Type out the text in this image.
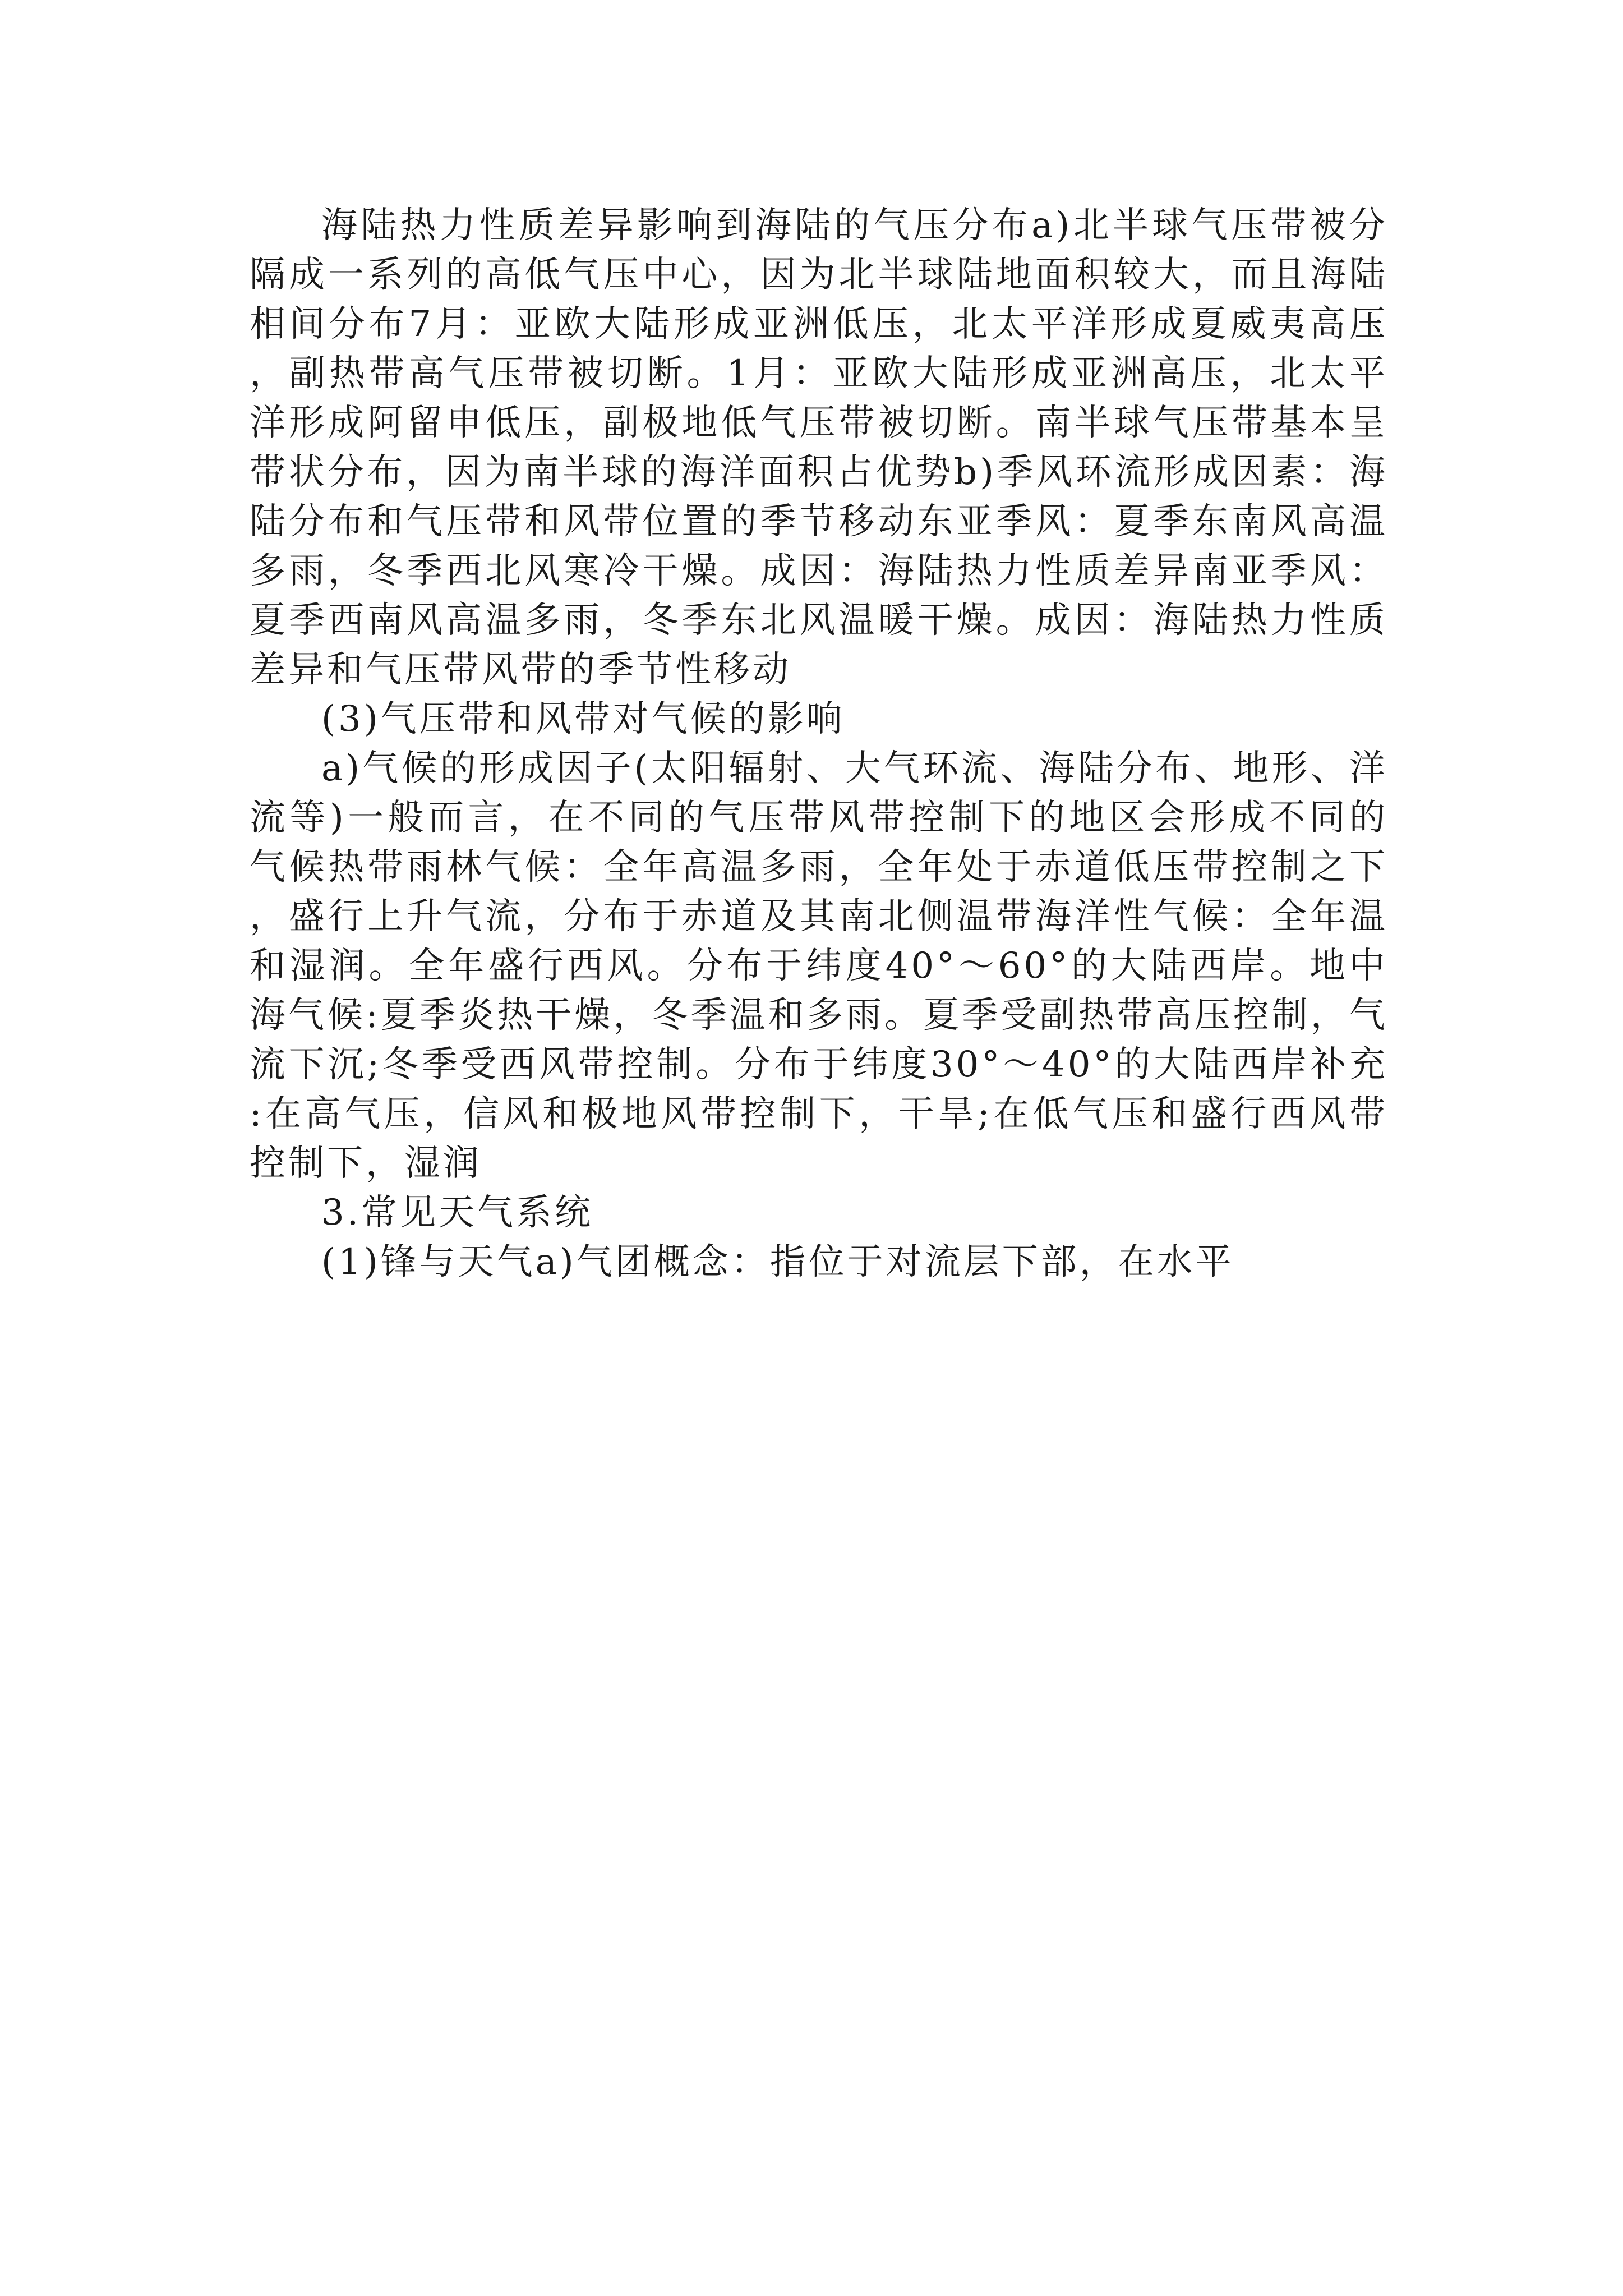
海陆热力性质差异影响到海陆的气压分布a)北半球气压带被分隔成一系列的高低气压中心，因为北半球陆地面积较大，而且海陆相间分布7月：亚欧大陆形成亚洲低压，北太平洋形成夏威夷高压，副热带高气压带被切断。1月：亚欧大陆形成亚洲高压，北太平洋形成阿留申低压，副极地低气压带被切断。南半球气压带基本呈带状分布，因为南半球的海洋面积占优势b)季风环流形成因素：海陆分布和气压带和风带位置的季节移动东亚季风：夏季东南风高温多雨，冬季西北风寒冷干燥。成因：海陆热力性质差异南亚季风：夏季西南风高温多雨，冬季东北风温暖干燥。成因：海陆热力性质差异和气压带风带的季节性移动

(3)气压带和风带对气候的影响

a)气候的形成因子(太阳辐射、大气环流、海陆分布、地形、洋流等)一般而言，在不同的气压带风带控制下的地区会形成不同的气候热带雨林气候：全年高温多雨，全年处于赤道低压带控制之下，盛行上升气流，分布于赤道及其南北侧温带海洋性气候：全年温和湿润。全年盛行西风。分布于纬度40°～60°的大陆西岸。地中海气候:夏季炎热干燥，冬季温和多雨。夏季受副热带高压控制，气流下沉;冬季受西风带控制。分布于纬度30°～40°的大陆西岸补充:在高气压，信风和极地风带控制下，干旱;在低气压和盛行西风带控制下，湿润

3.常见天气系统

(1)锋与天气a)气团概念：指位于对流层下部，在水平
